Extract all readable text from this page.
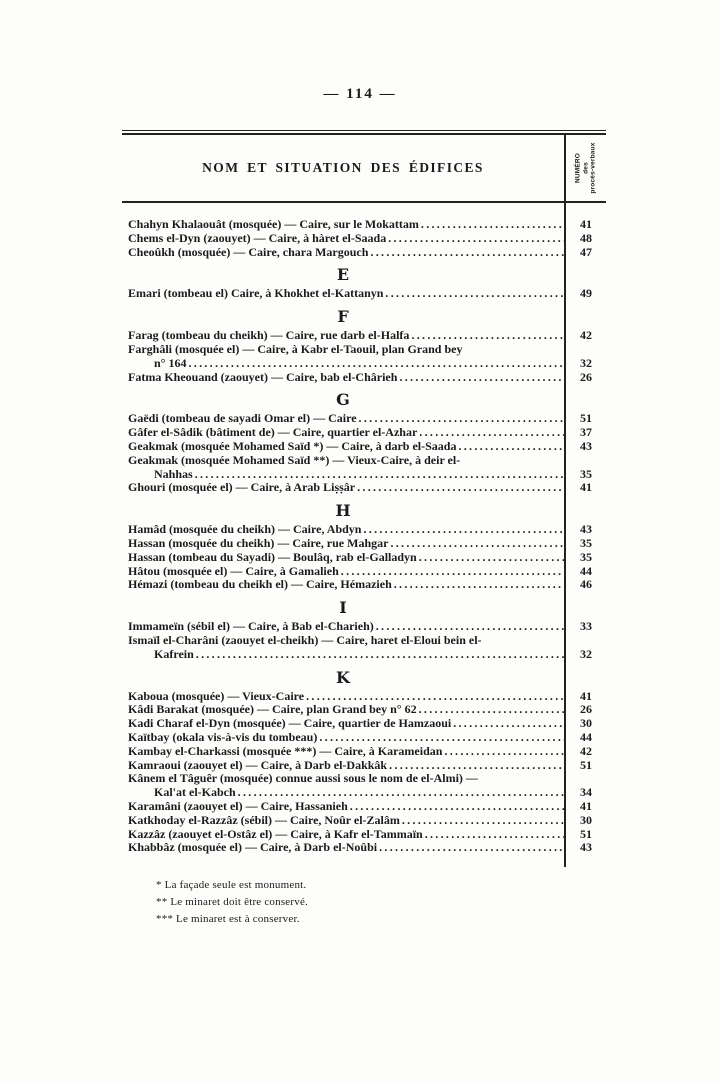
— 114 —
NOM ET SITUATION DES ÉDIFICES	NUMÉRO des procès-verbaux
Chahyn Khalaouât (mosquée) — Caire, sur le Mokattam .....	41
Chems el-Dyn (zaouyet) — Caire, à hàret el-Saada .....	48
Cheoûkh (mosquée) — Caire, chara Margouch .....	47
E
Emari (tombeau el) Caire, à Khokhet el-Kattanyn .....	49
F
Farag (tombeau du cheikh) — Caire, rue darb el-Halfa .....	42
Farghâli (mosquée el) — Caire, à Kabr el-Taouil, plan Grand bey
n° 164 .....	32
Fatma Kheouand (zaouyet) — Caire, bab el-Chârieh .....	26
G
Gaëdi (tombeau de sayadi Omar el) — Caire .....	51
Gâfer el-Sâdik (bâtiment de) — Caire, quartier el-Azhar .....	37
Geakmak (mosquée Mohamed Saïd *) — Caire, à darb el-Saada .....	43
Geakmak (mosquée Mohamed Saïd **) — Vieux-Caire, à deir el-
Nahhas .....	35
Ghouri (mosquée el) — Caire, à Arab Liṣṣâr .....	41
H
Hamâd (mosquée du cheikh) — Caire, Abdyn .....	43
Hassan (mosquée du cheikh) — Caire, rue Mahgar .....	35
Hassan (tombeau du Sayadi) — Boulâq, rab el-Galladyn .....	35
Hâtou (mosquée el) — Caire, à Gamalieh .....	44
Hémazi (tombeau du cheikh el) — Caire, Hémazieh .....	46
I
Immameïn (sébil el) — Caire, à Bab el-Charieh) .....	33
Ismaïl el-Charâni (zaouyet el-cheikh) — Caire, haret el-Eloui bein el-
Kafrein .....	32
K
Kaboua (mosquée) — Vieux-Caire .....	41
Kâdi Barakat (mosquée) — Caire, plan Grand bey n° 62 .....	26
Kadi Charaf el-Dyn (mosquée) — Caire, quartier de Hamzaoui .....	30
Kaïtbay (okala vis-à-vis du tombeau) .....	44
Kambay el-Charkassi (mosquée ***) — Caire, à Karameidan .....	42
Kamraoui (zaouyet el) — Caire, à Darb el-Dakkâk .....	51
Kânem el Tâguêr (mosquée) connue aussi sous le nom de el-Almi) —
Kal'at el-Kabch .....	34
Karamâni (zaouyet el) — Caire, Hassanieh .....	41
Katkhoday el-Razzâz (sébil) — Caire, Noûr el-Zalâm .....	30
Kazzâz (zaouyet el-Ostâz el) — Caire, à Kafr el-Tammaïn .....	51
Khabbâz (mosquée el) — Caire, à Darb el-Noûbi .....	43
* La façade seule est monument.
** Le minaret doit être conservé.
*** Le minaret est à conserver.
